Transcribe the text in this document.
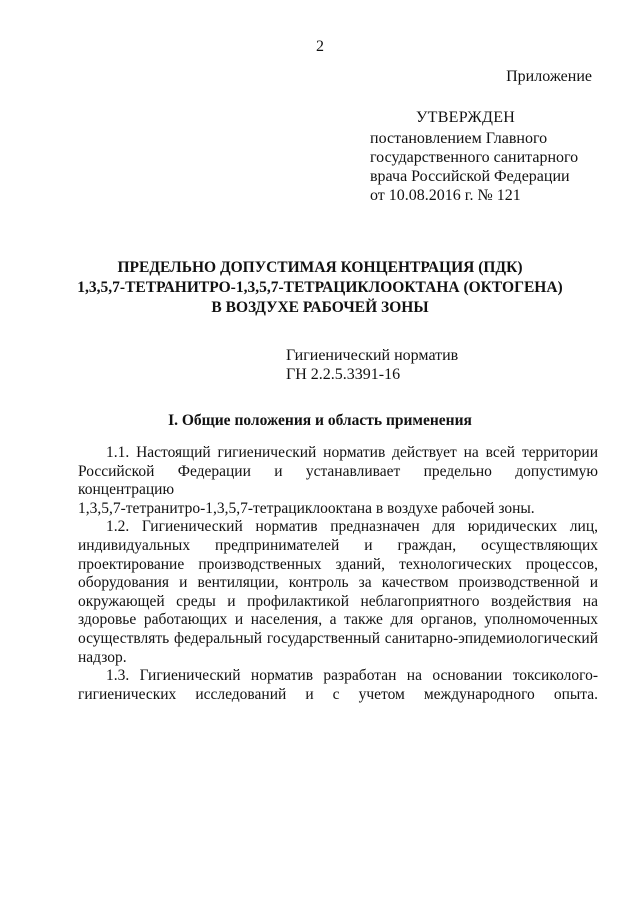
2
Приложение
УТВЕРЖДЕН
постановлением Главного
государственного санитарного
врача Российской Федерации
от 10.08.2016 г. № 121
ПРЕДЕЛЬНО ДОПУСТИМАЯ КОНЦЕНТРАЦИЯ (ПДК)
1,3,5,7-ТЕТРАНИТРО-1,3,5,7-ТЕТРАЦИКЛООКТАНА (ОКТОГЕНА)
В ВОЗДУХЕ РАБОЧЕЙ ЗОНЫ
Гигиенический норматив
ГН 2.2.5.3391-16
I. Общие положения и область применения
1.1. Настоящий гигиенический норматив действует на всей территории
Российской Федерации и устанавливает предельно допустимую концентрацию
1,3,5,7-тетранитро-1,3,5,7-тетрациклооктана в воздухе рабочей зоны.
1.2. Гигиенический норматив предназначен для юридических лиц,
индивидуальных предпринимателей и граждан, осуществляющих
проектирование производственных зданий, технологических процессов,
оборудования и вентиляции, контроль за качеством производственной и
окружающей среды и профилактикой неблагоприятного воздействия на
здоровье работающих и населения, а также для органов, уполномоченных
осуществлять федеральный государственный санитарно-эпидемиологический
надзор.
1.3. Гигиенический норматив разработан на основании токсиколого-
гигиенических исследований и с учетом международного опыта.
